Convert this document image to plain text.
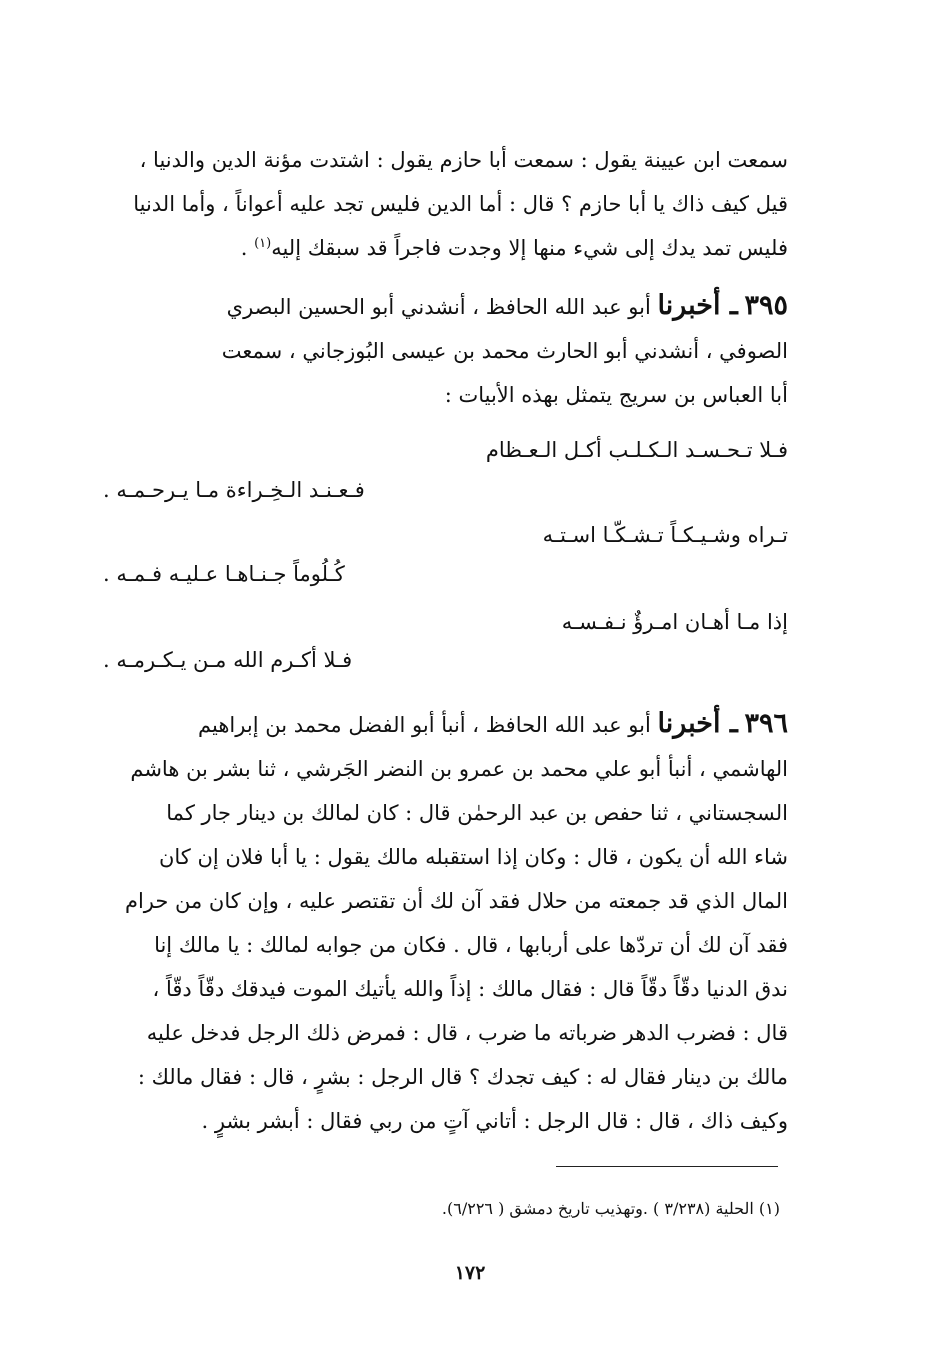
سمعت ابن عيينة يقول : سمعت أبا حازم يقول : اشتدت مؤنة الدين والدنيا ،
قيل كيف ذاك يا أبا حازم ؟ قال : أما الدين فليس تجد عليه أعواناً ، وأما الدنيا
فليس تمد يدك إلى شيء منها إلا وجدت فاجراً قد سبقك إليه$^{(١)}$ .
٣٩٥ ـ أخبرنا أبو عبد الله الحافظ ، أنشدني أبو الحسين البصري
الصوفي ، أنشدني أبو الحارث محمد بن عيسى البُوزجاني ، سمعت
أبا العباس بن سريج يتمثل بهذه الأبيات :
فـلا تـحـسـد الـكـلـب أكـل الـعـظام
فـعـنـد الـخِـراءة مـا يـرحـمـه .
تـراه وشـيـكـاً تـشـكّـا اسـتـه
كُـلُوماً جـنـاهـا عـليـه فـمـه .
إذا مـا أهـان امـرؤٌ نـفـسـه
فـلا أكـرم الله مـن يـكـرمـه .
٣٩٦ ـ أخبرنا أبو عبد الله الحافظ ، أنبأ أبو الفضل محمد بن إبراهيم
الهاشمي ، أنبأ أبو علي محمد بن عمرو بن النضر الجَرشي ، ثنا بشر بن هاشم
السجستاني ، ثنا حفص بن عبد الرحمٰن قال : كان لمالك بن دينار جار كما
شاء الله أن يكون ، قال : وكان إذا استقبله مالك يقول : يا أبا فلان إن كان
المال الذي قد جمعته من حلال فقد آن لك أن تقتصر عليه ، وإن كان من حرام
فقد آن لك أن تردّها على أربابها ، قال . فكان من جوابه لمالك : يا مالك إنا
ندق الدنيا دقّاً دقّاً قال : فقال مالك : إذاً والله يأتيك الموت فيدقك دقّاً دقّاً ،
قال : فضرب الدهر ضرباته ما ضرب ، قال : فمرض ذلك الرجل فدخل عليه
مالك بن دينار فقال له : كيف تجدك ؟ قال الرجل : بشرٍ ، قال : فقال مالك :
وكيف ذاك ، قال : قال الرجل : أتاني آتٍ من ربي فقال : أبشر بشرٍ .
(١) الحلية (٣/٢٣٨ ) .وتهذيب تاريخ دمشق ( ٦/٢٢٦).
١٧٢
